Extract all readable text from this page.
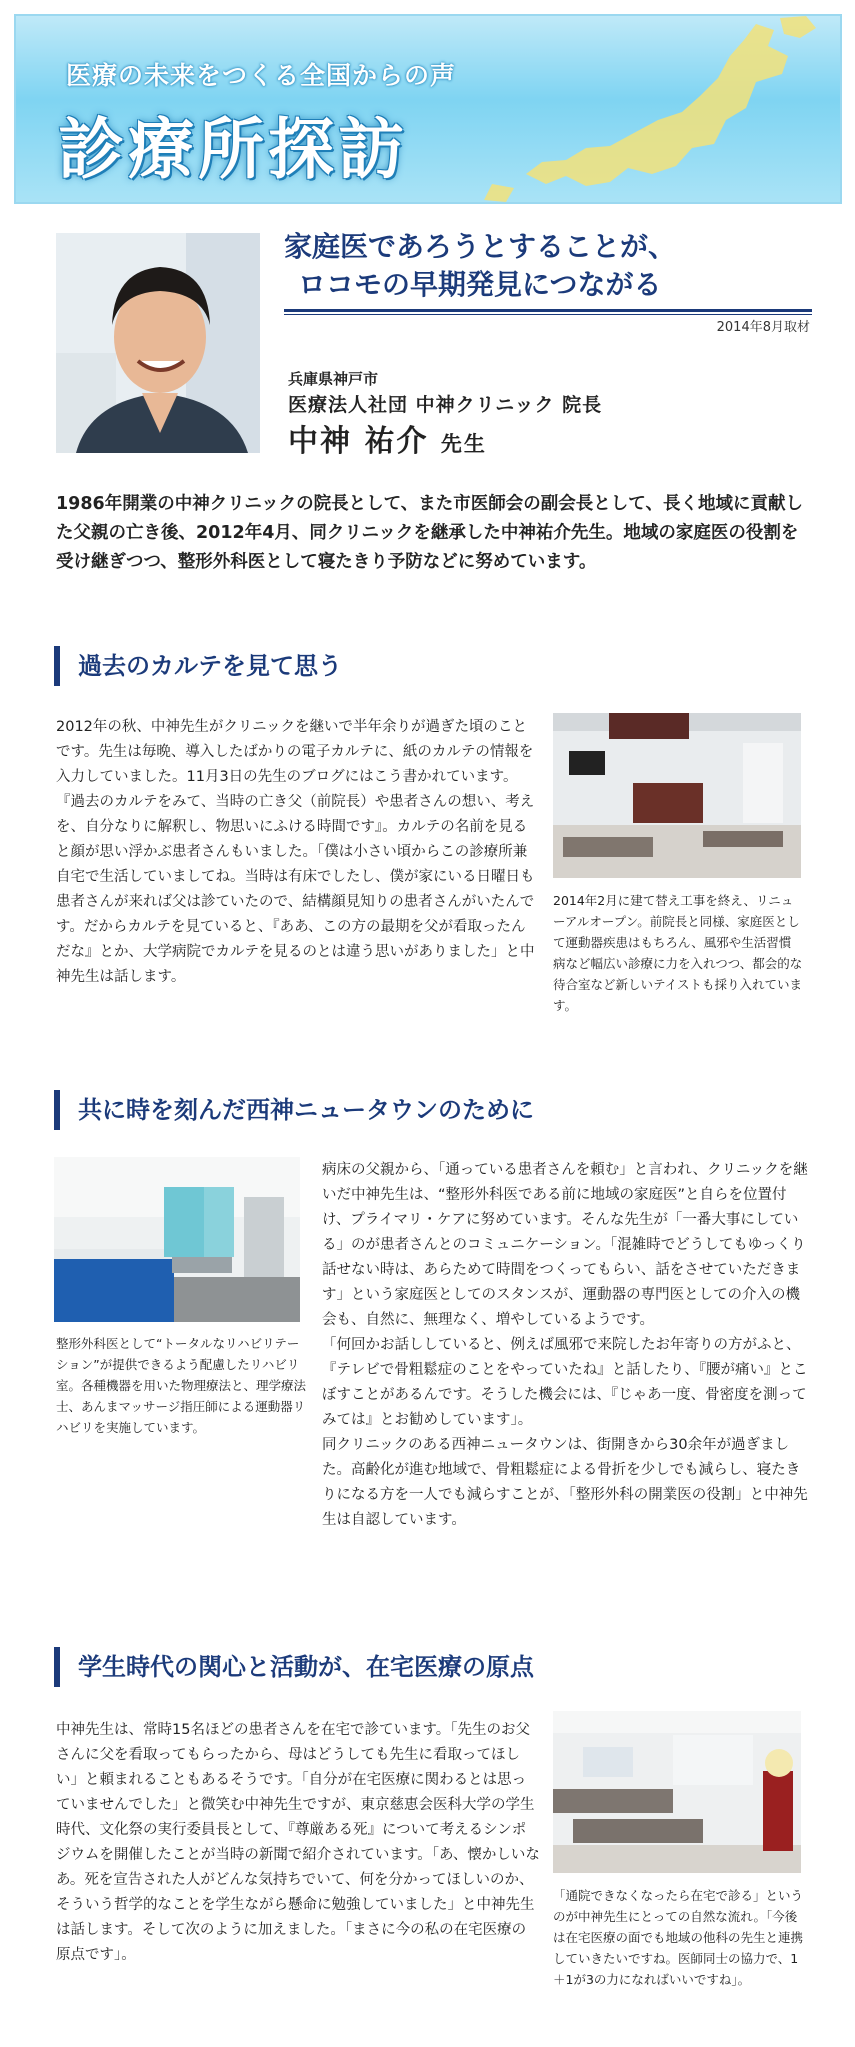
医療の未来をつくる全国からの声
診療所探訪
家庭医であろうとすることが、
ロコモの早期発見につながる
2014年8月取材
兵庫県神戸市
医療法人社団 中神クリニック 院長
中神 祐介 先生
1986年開業の中神クリニックの院長として、また市医師会の副会長として、長く地域に貢献した父親の亡き後、2012年4月、同クリニックを継承した中神祐介先生。地域の家庭医の役割を受け継ぎつつ、整形外科医として寝たきり予防などに努めています。
過去のカルテを見て思う
2012年の秋、中神先生がクリニックを継いで半年余りが過ぎた頃のことです。先生は毎晩、導入したばかりの電子カルテに、紙のカルテの情報を入力していました。11月3日の先生のブログにはこう書かれています。『過去のカルテをみて、当時の亡き父（前院長）や患者さんの想い、考えを、自分なりに解釈し、物思いにふける時間です』。カルテの名前を見ると顔が思い浮かぶ患者さんもいました。「僕は小さい頃からこの診療所兼自宅で生活していましてね。当時は有床でしたし、僕が家にいる日曜日も患者さんが来れば父は診ていたので、結構顔見知りの患者さんがいたんです。だからカルテを見ていると、『ああ、この方の最期を父が看取ったんだな』とか、大学病院でカルテを見るのとは違う思いがありました」と中神先生は話します。
2014年2月に建て替え工事を終え、リニューアルオープン。前院長と同様、家庭医として運動器疾患はもちろん、風邪や生活習慣病など幅広い診療に力を入れつつ、都会的な待合室など新しいテイストも採り入れています。
共に時を刻んだ西神ニュータウンのために
整形外科医として“トータルなリハビリテーション”が提供できるよう配慮したリハビリ室。各種機器を用いた物理療法と、理学療法士、あんまマッサージ指圧師による運動器リハビリを実施しています。
病床の父親から、「通っている患者さんを頼む」と言われ、クリニックを継いだ中神先生は、“整形外科医である前に地域の家庭医”と自らを位置付け、プライマリ・ケアに努めています。そんな先生が「一番大事にしている」のが患者さんとのコミュニケーション。「混雑時でどうしてもゆっくり話せない時は、あらためて時間をつくってもらい、話をさせていただきます」という家庭医としてのスタンスが、運動器の専門医としての介入の機会も、自然に、無理なく、増やしているようです。
「何回かお話ししていると、例えば風邪で来院したお年寄りの方がふと、『テレビで骨粗鬆症のことをやっていたね』と話したり、『腰が痛い』とこぼすことがあるんです。そうした機会には、『じゃあ一度、骨密度を測ってみては』とお勧めしています」。
同クリニックのある西神ニュータウンは、街開きから30余年が過ぎました。高齢化が進む地域で、骨粗鬆症による骨折を少しでも減らし、寝たきりになる方を一人でも減らすことが、「整形外科の開業医の役割」と中神先生は自認しています。
学生時代の関心と活動が、在宅医療の原点
中神先生は、常時15名ほどの患者さんを在宅で診ています。「先生のお父さんに父を看取ってもらったから、母はどうしても先生に看取ってほしい」と頼まれることもあるそうです。「自分が在宅医療に関わるとは思っていませんでした」と微笑む中神先生ですが、東京慈恵会医科大学の学生時代、文化祭の実行委員長として、『尊厳ある死』について考えるシンポジウムを開催したことが当時の新聞で紹介されています。「あ、懐かしいなあ。死を宣告された人がどんな気持ちでいて、何を分かってほしいのか、そういう哲学的なことを学生ながら懸命に勉強していました」と中神先生は話します。そして次のように加えました。「まさに今の私の在宅医療の原点です」。
「通院できなくなったら在宅で診る」というのが中神先生にとっての自然な流れ。「今後は在宅医療の面でも地域の他科の先生と連携していきたいですね。医師同士の協力で、1＋1が3の力になればいいですね」。
